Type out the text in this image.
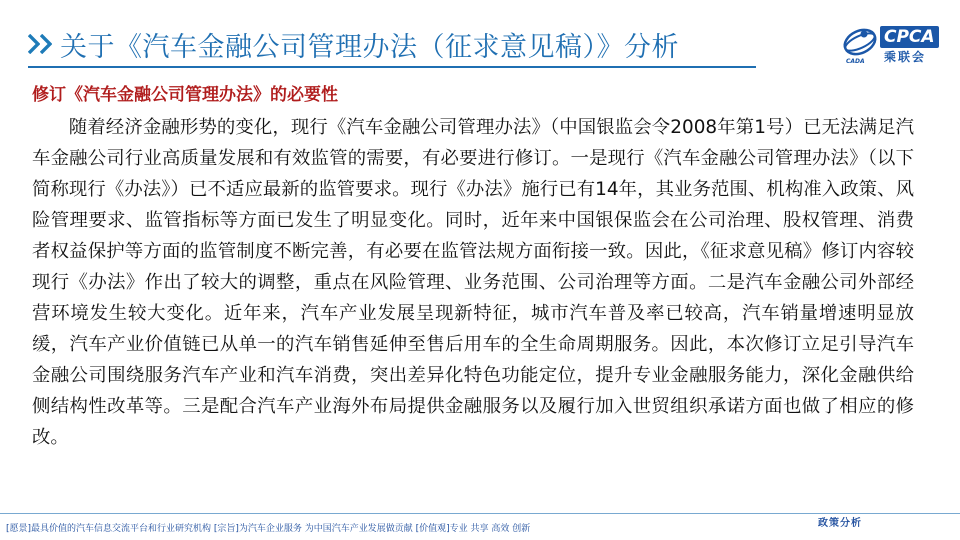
关于《汽车金融公司管理办法（征求意见稿）》分析	CADA
CPCA
乘联会
修订《汽车金融公司管理办法》的必要性

随着经济金融形势的变化，现行《汽车金融公司管理办法》（中国银监会令2008年第1号）已无法满足汽车金融公司行业高质量发展和有效监管的需要，有必要进行修订。一是现行《汽车金融公司管理办法》（以下简称现行《办法》）已不适应最新的监管要求。现行《办法》施行已有14年，其业务范围、机构准入政策、风险管理要求、监管指标等方面已发生了明显变化。同时，近年来中国银保监会在公司治理、股权管理、消费者权益保护等方面的监管制度不断完善，有必要在监管法规方面衔接一致。因此，《征求意见稿》修订内容较现行《办法》作出了较大的调整，重点在风险管理、业务范围、公司治理等方面。二是汽车金融公司外部经营环境发生较大变化。近年来，汽车产业发展呈现新特征，城市汽车普及率已较高，汽车销量增速明显放缓，汽车产业价值链已从单一的汽车销售延伸至售后用车的全生命周期服务。因此，本次修订立足引导汽车金融公司围绕服务汽车产业和汽车消费，突出差异化特色功能定位，提升专业金融服务能力，深化金融供给侧结构性改革等。三是配合汽车产业海外布局提供金融服务以及履行加入世贸组织承诺方面也做了相应的修改。

[愿景]最具价值的汽车信息交流平台和行业研究机构 [宗旨]为汽车企业服务 为中国汽车产业发展做贡献 [价值观]专业 共享 高效 创新	政策分析
